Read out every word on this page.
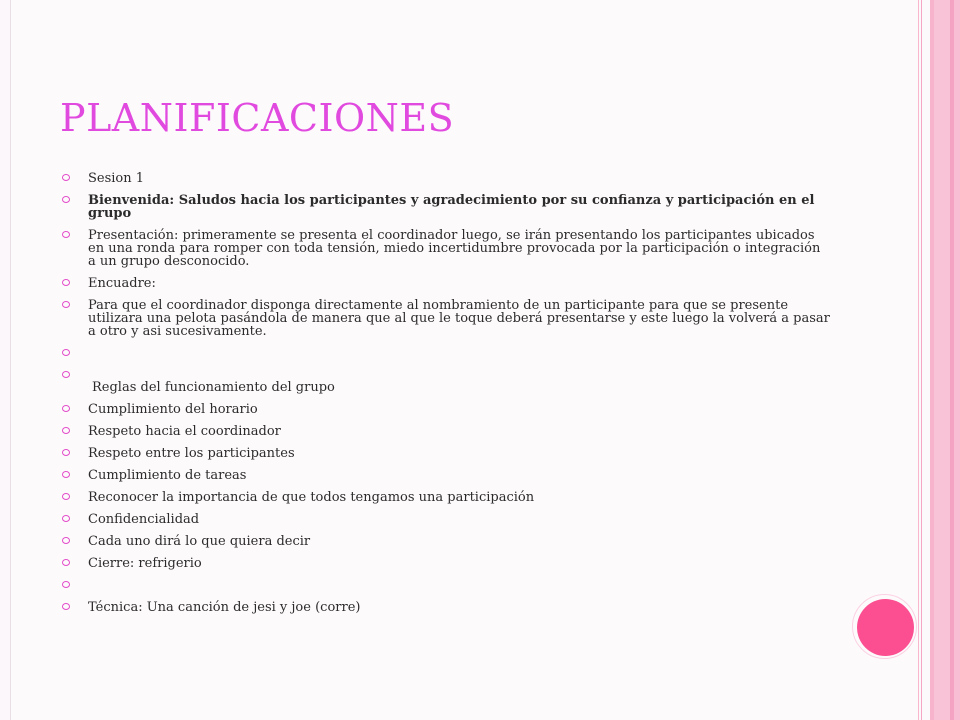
PLANIFICACIONES
Sesion 1
Bienvenida: Saludos hacia los participantes y agradecimiento por su confianza y participación en el grupo
Presentación: primeramente se presenta el coordinador luego, se irán presentando los participantes ubicados en una ronda para romper con toda tensión, miedo incertidumbre provocada por la participación o integración a un grupo desconocido.
Encuadre:
Para que el coordinador disponga directamente al nombramiento de un participante para que se presente utilizara una pelota pasándola de manera que al que le toque deberá presentarse y este luego la volverá a pasar a otro y asi sucesivamente.
Reglas del funcionamiento del grupo
Cumplimiento del horario
Respeto hacia el coordinador
Respeto entre los participantes
Cumplimiento de tareas
Reconocer la importancia de que todos tengamos una participación
Confidencialidad
Cada uno dirá lo que quiera decir
Cierre: refrigerio
Técnica: Una canción de jesi y joe (corre)
